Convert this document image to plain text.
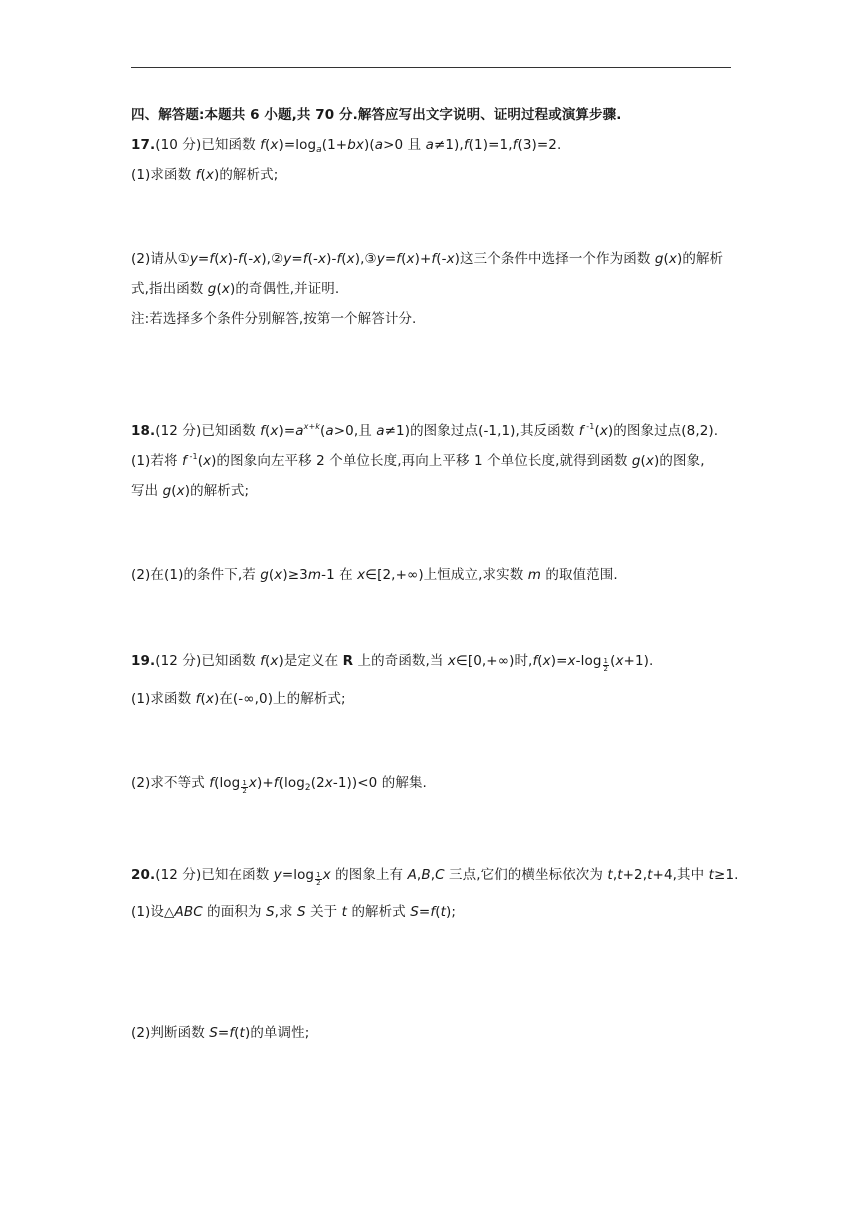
四、解答题:本题共 6 小题,共 70 分.解答应写出文字说明、证明过程或演算步骤.
17.(10 分)已知函数 $f(x)=\log_a(1+bx)(a>0$ 且 a≠1),f(1)=1,f(3)=2.
(1)求函数 f(x)的解析式;
(2)请从①y=f(x)-f(-x),②y=f(-x)-f(x),③y=f(x)+f(-x)这三个条件中选择一个作为函数 g(x)的解析
式,指出函数 g(x)的奇偶性,并证明.
注:若选择多个条件分别解答,按第一个解答计分.
18.(12 分)已知函数 $f(x)=a^{x+k}(a>0$,且 a≠1)的图象过点(-1,1),其反函数 f $^{-1}$(x)的图象过点(8,2).
(1)若将 f $^{-1}$(x)的图象向左平移 2 个单位长度,再向上平移 1 个单位长度,就得到函数 g(x)的图象,
写出 g(x)的解析式;
(2)在(1)的条件下,若 g(x)≥3m-1 在 x∈[2,+∞)上恒成立,求实数 m 的取值范围.
19.(12 分)已知函数 f(x)是定义在 R 上的奇函数,当 x∈[0,+∞)时$,f(x)=x-\log \frac{1}{2} (x+1)$.
(1)求函数 f(x)在(-∞,0)上的解析式;
(2)求不等式 $f(\log \frac{1}{2} x)+f(\log_2(2x-1))<0$ 的解集.
20.(12 分)已知在函数 $y=\log \frac{1}{2}$ x 的图象上有 A,B,C 三点,它们的横坐标依次为 t,t+2,t+4,其中 t≥1.
(1)设△ABC 的面积为 S,求 S 关于 t 的解析式 S=f(t);
(2)判断函数 S=f(t)的单调性;
